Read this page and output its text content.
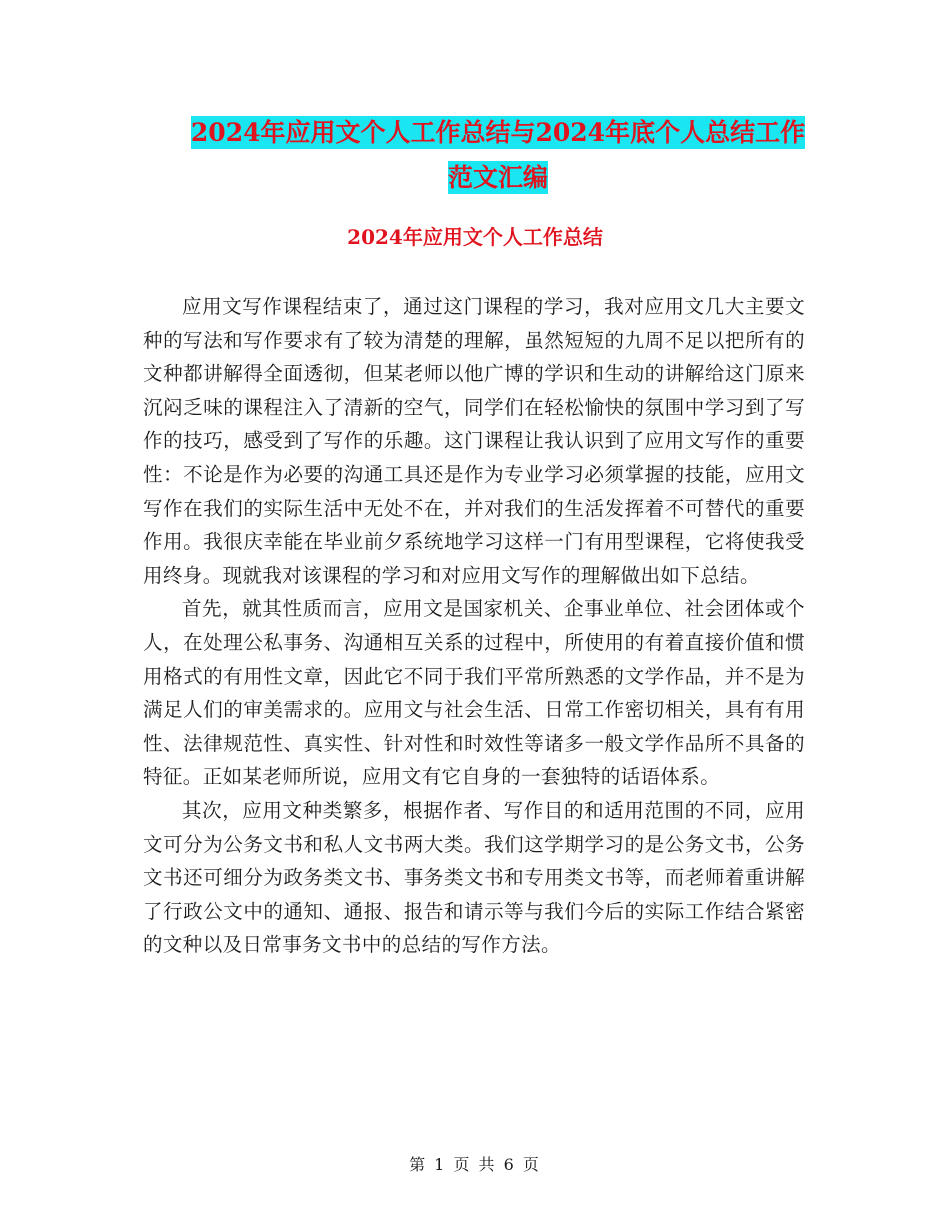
2024年应用文个人工作总结与2024年底个人总结工作
范文汇编
2024年应用文个人工作总结

应用文写作课程结束了，通过这门课程的学习，我对应用文几大主要文种的写法和写作要求有了较为清楚的理解，虽然短短的九周不足以把所有的文种都讲解得全面透彻，但某老师以他广博的学识和生动的讲解给这门原来沉闷乏味的课程注入了清新的空气，同学们在轻松愉快的氛围中学习到了写作的技巧，感受到了写作的乐趣。这门课程让我认识到了应用文写作的重要性：不论是作为必要的沟通工具还是作为专业学习必须掌握的技能，应用文写作在我们的实际生活中无处不在，并对我们的生活发挥着不可替代的重要作用。我很庆幸能在毕业前夕系统地学习这样一门有用型课程，它将使我受用终身。现就我对该课程的学习和对应用文写作的理解做出如下总结。

首先，就其性质而言，应用文是国家机关、企事业单位、社会团体或个人，在处理公私事务、沟通相互关系的过程中，所使用的有着直接价值和惯用格式的有用性文章，因此它不同于我们平常所熟悉的文学作品，并不是为满足人们的审美需求的。应用文与社会生活、日常工作密切相关，具有有用性、法律规范性、真实性、针对性和时效性等诸多一般文学作品所不具备的特征。正如某老师所说，应用文有它自身的一套独特的话语体系。

其次，应用文种类繁多，根据作者、写作目的和适用范围的不同，应用文可分为公务文书和私人文书两大类。我们这学期学习的是公务文书，公务文书还可细分为政务类文书、事务类文书和专用类文书等，而老师着重讲解了行政公文中的通知、通报、报告和请示等与我们今后的实际工作结合紧密的文种以及日常事务文书中的总结的写作方法。

第 1 页 共 6 页
